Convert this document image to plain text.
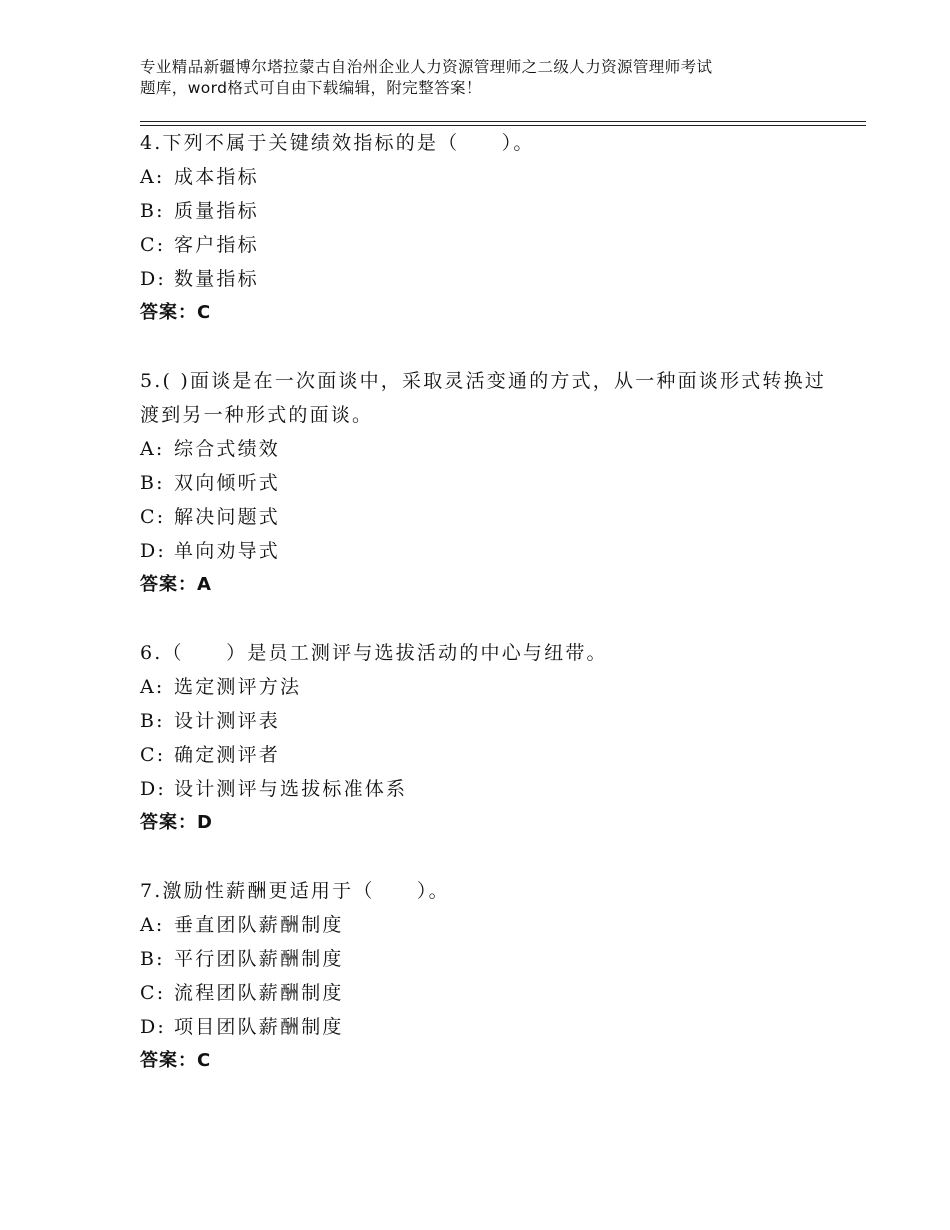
专业精品新疆博尔塔拉蒙古自治州企业人力资源管理师之二级人力资源管理师考试
题库，word格式可自由下载编辑，附完整答案！

4.下列不属于关键绩效指标的是（　　）。

A: 成本指标

B: 质量指标

C: 客户指标

D: 数量指标

答案：C

5.( )面谈是在一次面谈中，采取灵活变通的方式，从一种面谈形式转换过渡到另一种形式的面谈。

A: 综合式绩效

B: 双向倾听式

C: 解决问题式

D: 单向劝导式

答案：A

6.（　　）是员工测评与选拔活动的中心与纽带。

A: 选定测评方法

B: 设计测评表

C: 确定测评者

D: 设计测评与选拔标准体系

答案：D

7.激励性薪酬更适用于（　　）。

A: 垂直团队薪酬制度

B: 平行团队薪酬制度

C: 流程团队薪酬制度

D: 项目团队薪酬制度

答案：C
